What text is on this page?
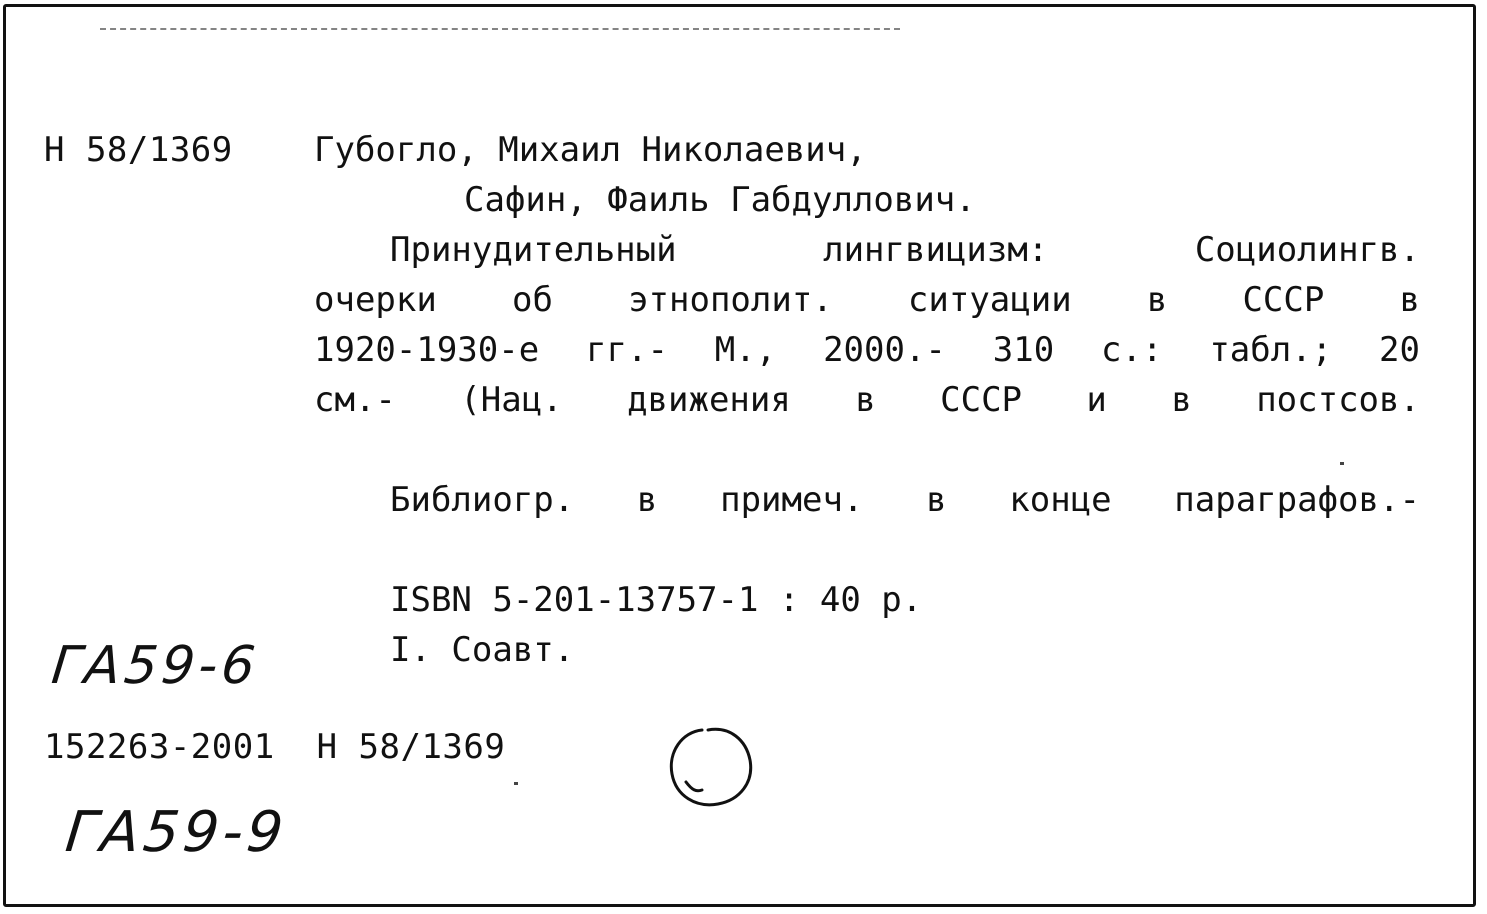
Н 58/1369 Губогло, Михаил Николаевич,
Сафин, Фаиль Габдуллович.
Принудительный	лингвицизм:	Социолингв.
очерки об этнополит. ситуации в СССР в
1920-1930-е гг.- М., 2000.- 310 с.: табл.; 20
см.- (Нац. движения в СССР и в постсов.

Библиогр. в примеч. в конце параграфов.-

ISBN 5-201-13757-1 : 40 р.
I. Соавт.
ГА59-6
152263-2001  Н 58/1369
ГА59-9
